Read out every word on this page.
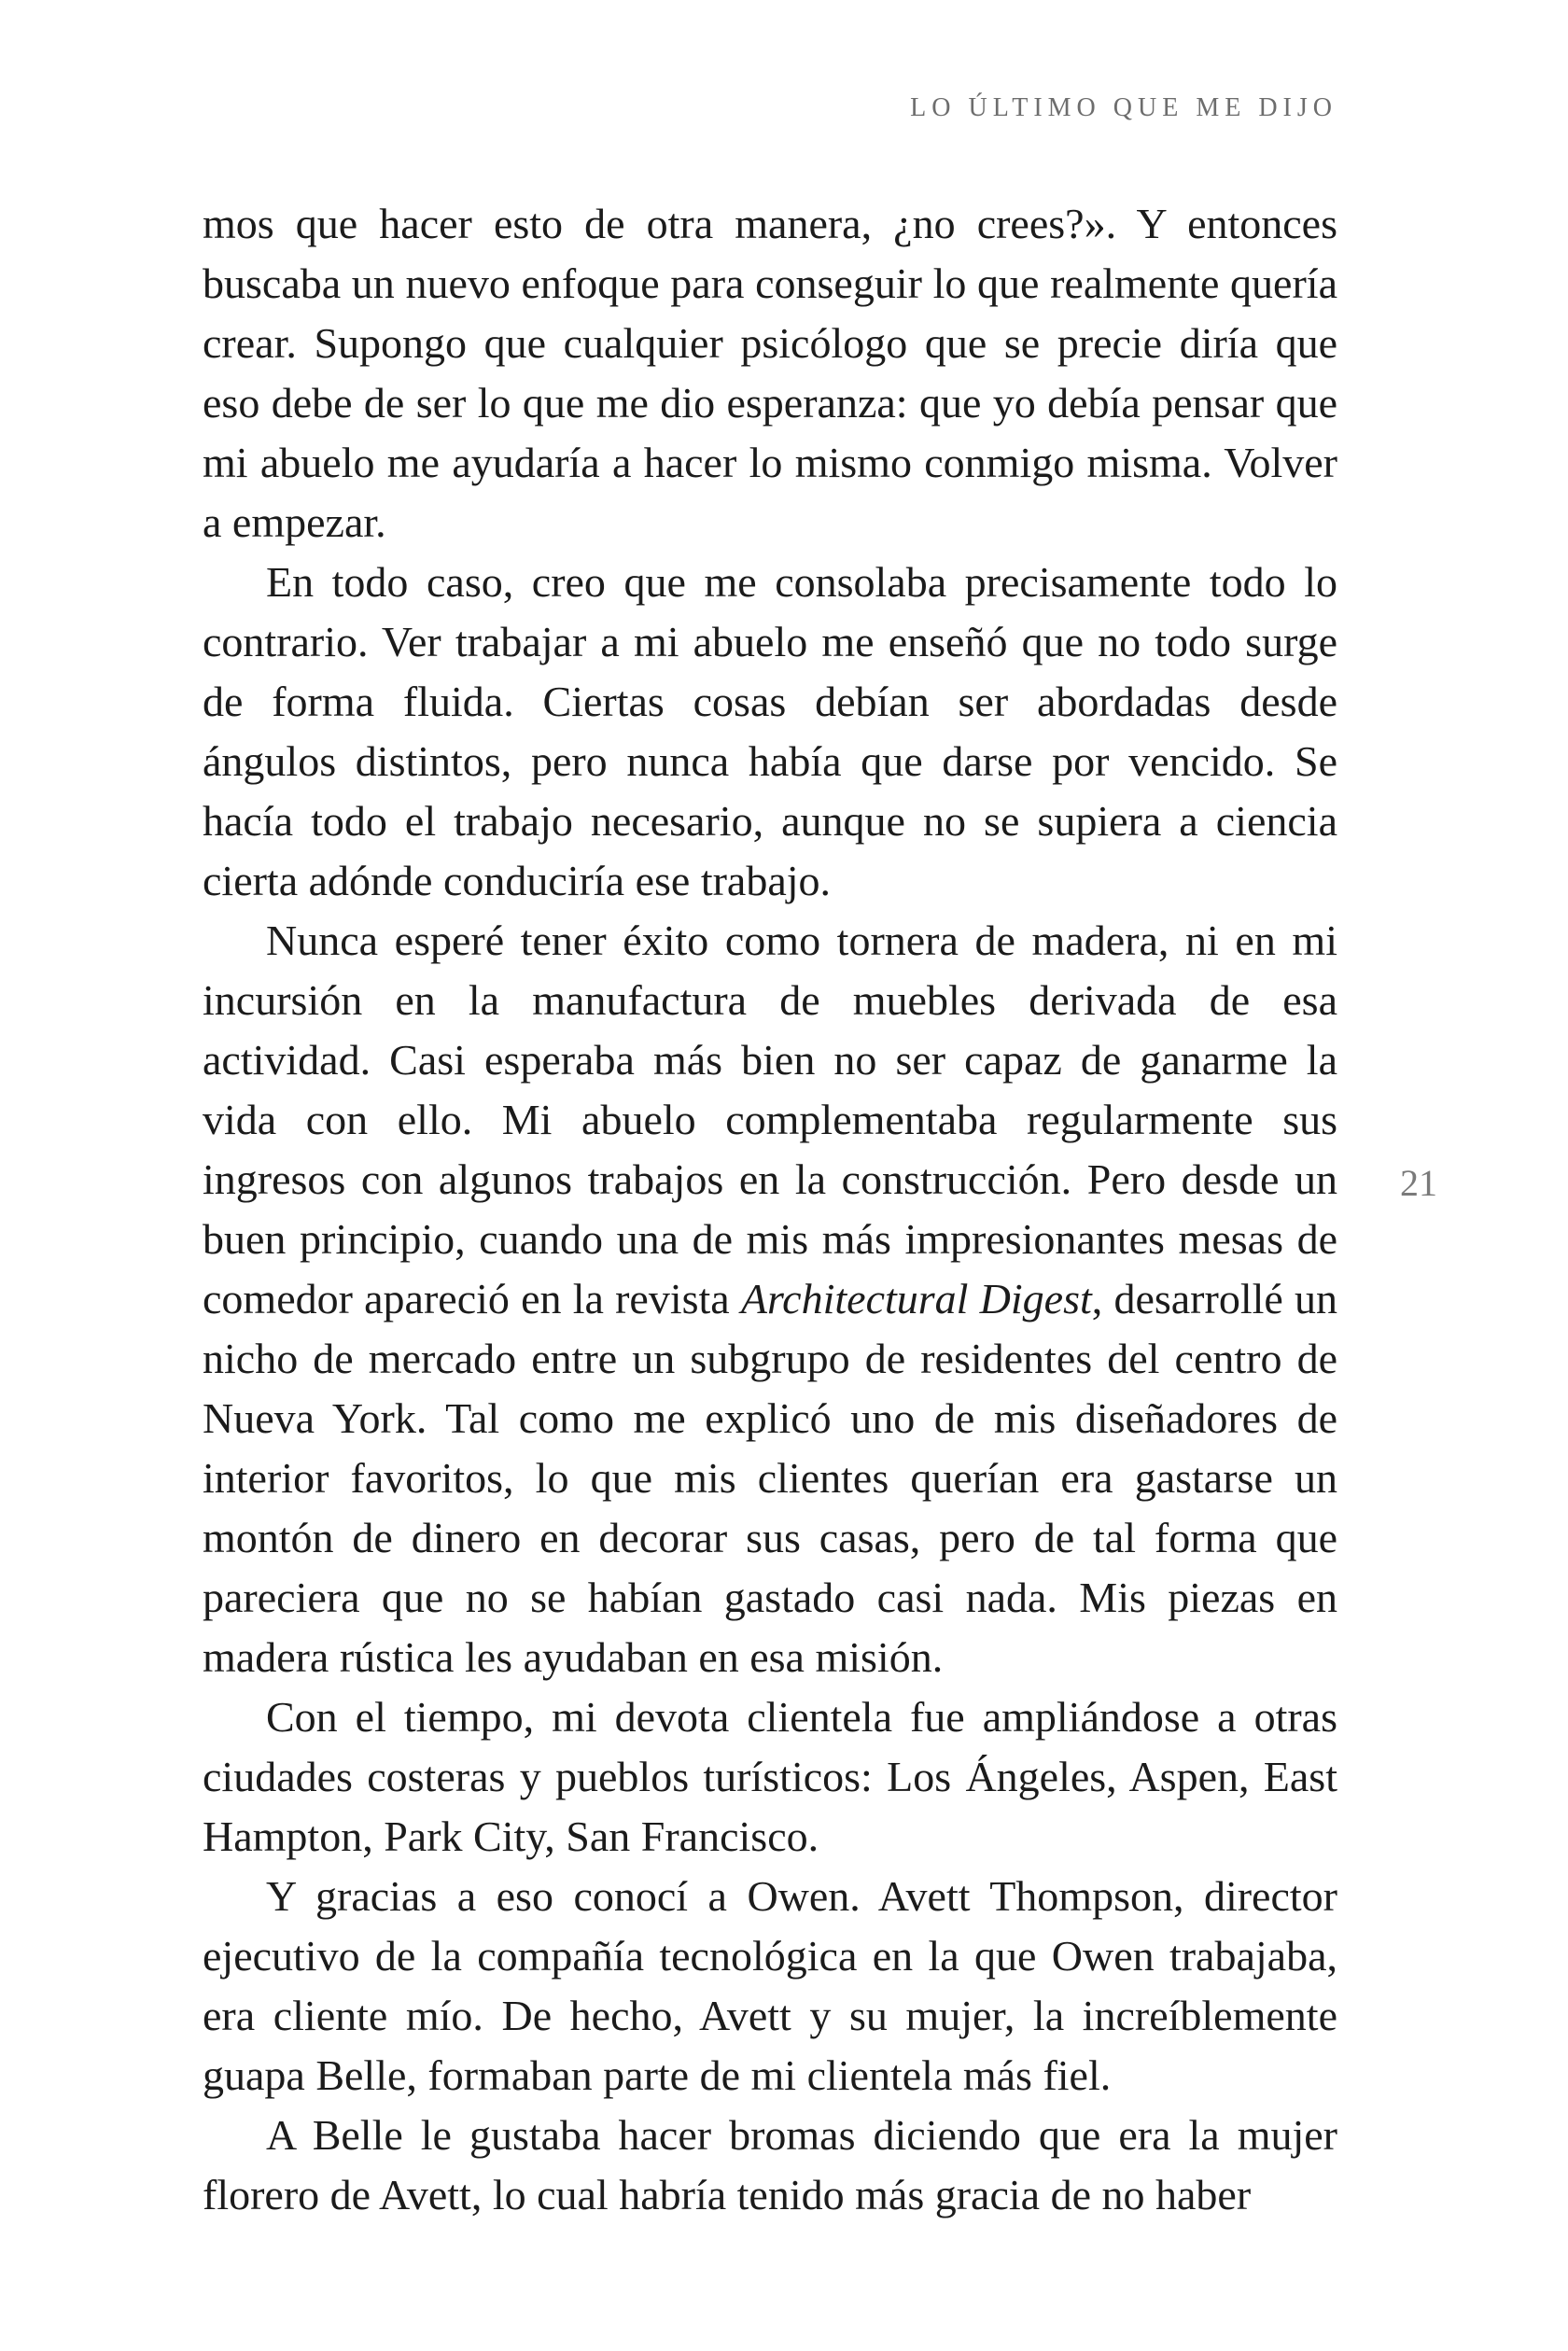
LO ÚLTIMO QUE ME DIJO
21

mos que hacer esto de otra manera, ¿no crees?». Y entonces buscaba un nuevo enfoque para conseguir lo que realmente quería crear. Supongo que cualquier psicólogo que se precie diría que eso debe de ser lo que me dio esperanza: que yo debía pensar que mi abuelo me ayudaría a hacer lo mismo conmigo misma. Volver a empezar.

En todo caso, creo que me consolaba precisamente todo lo contrario. Ver trabajar a mi abuelo me enseñó que no todo surge de forma fluida. Ciertas cosas debían ser abordadas desde ángulos distintos, pero nunca había que darse por vencido. Se hacía todo el trabajo necesario, aunque no se supiera a ciencia cierta adónde conduciría ese trabajo.

Nunca esperé tener éxito como tornera de madera, ni en mi incursión en la manufactura de muebles derivada de esa actividad. Casi esperaba más bien no ser capaz de ganarme la vida con ello. Mi abuelo complementaba regularmente sus ingresos con algunos trabajos en la construcción. Pero desde un buen principio, cuando una de mis más impresionantes mesas de comedor apareció en la revista Architectural Digest, desarrollé un nicho de mercado entre un subgrupo de residentes del centro de Nueva York. Tal como me explicó uno de mis diseñadores de interior favoritos, lo que mis clientes querían era gastarse un montón de dinero en decorar sus casas, pero de tal forma que pareciera que no se habían gastado casi nada. Mis piezas en madera rústica les ayudaban en esa misión.

Con el tiempo, mi devota clientela fue ampliándose a otras ciudades costeras y pueblos turísticos: Los Ángeles, Aspen, East Hampton, Park City, San Francisco.

Y gracias a eso conocí a Owen. Avett Thompson, director ejecutivo de la compañía tecnológica en la que Owen trabajaba, era cliente mío. De hecho, Avett y su mujer, la increíblemente guapa Belle, formaban parte de mi clientela más fiel.

A Belle le gustaba hacer bromas diciendo que era la mujer florero de Avett, lo cual habría tenido más gracia de no haber
